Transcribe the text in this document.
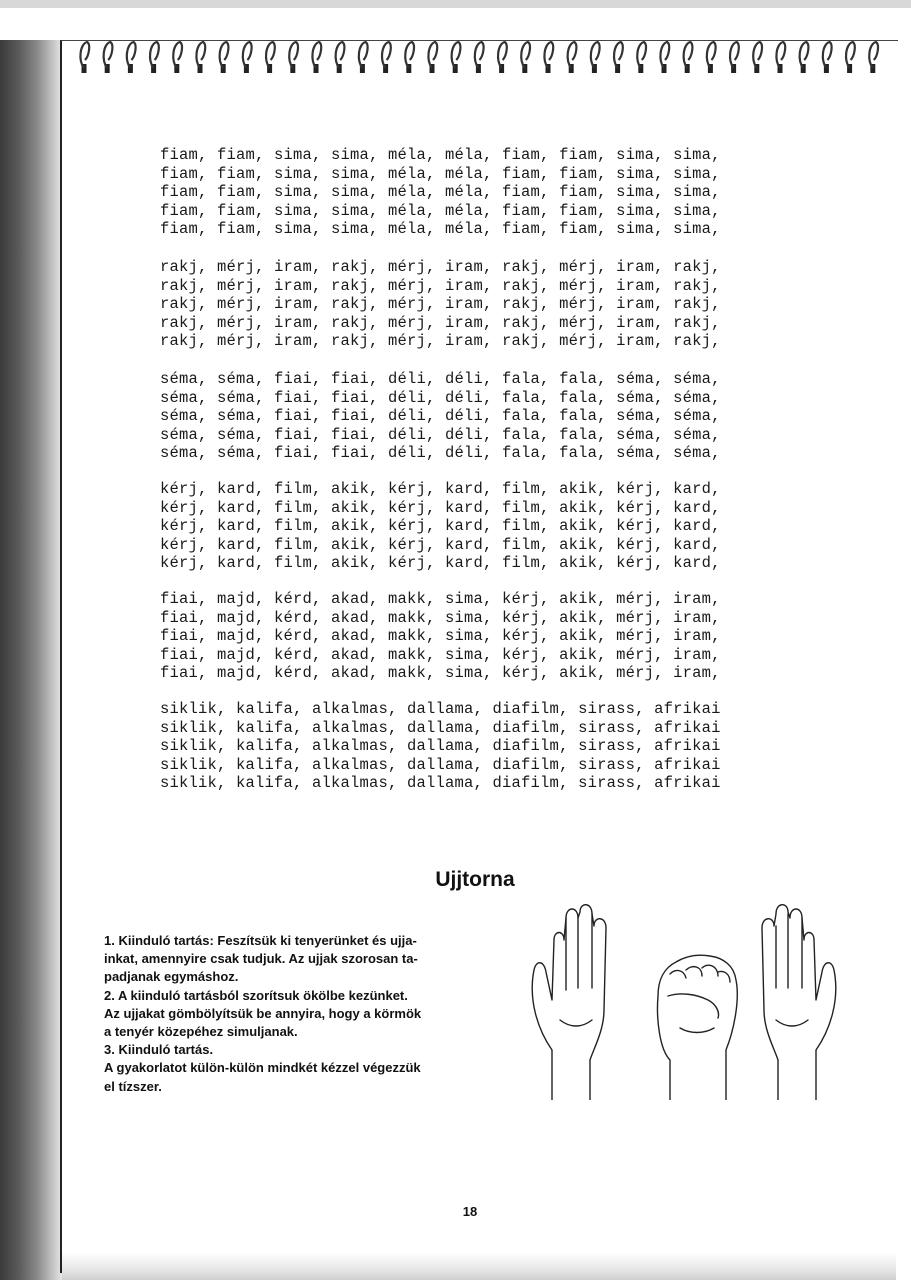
fiam, fiam, sima, sima, méla, méla, fiam, fiam, sima, sima,
fiam, fiam, sima, sima, méla, méla, fiam, fiam, sima, sima,
fiam, fiam, sima, sima, méla, méla, fiam, fiam, sima, sima,
fiam, fiam, sima, sima, méla, méla, fiam, fiam, sima, sima,
fiam, fiam, sima, sima, méla, méla, fiam, fiam, sima, sima,
rakj, mérj, iram, rakj, mérj, iram, rakj, mérj, iram, rakj,
rakj, mérj, iram, rakj, mérj, iram, rakj, mérj, iram, rakj,
rakj, mérj, iram, rakj, mérj, iram, rakj, mérj, iram, rakj,
rakj, mérj, iram, rakj, mérj, iram, rakj, mérj, iram, rakj,
rakj, mérj, iram, rakj, mérj, iram, rakj, mérj, iram, rakj,
séma, séma, fiai, fiai, déli, déli, fala, fala, séma, séma,
séma, séma, fiai, fiai, déli, déli, fala, fala, séma, séma,
séma, séma, fiai, fiai, déli, déli, fala, fala, séma, séma,
séma, séma, fiai, fiai, déli, déli, fala, fala, séma, séma,
séma, séma, fiai, fiai, déli, déli, fala, fala, séma, séma,
kérj, kard, film, akik, kérj, kard, film, akik, kérj, kard,
kérj, kard, film, akik, kérj, kard, film, akik, kérj, kard,
kérj, kard, film, akik, kérj, kard, film, akik, kérj, kard,
kérj, kard, film, akik, kérj, kard, film, akik, kérj, kard,
kérj, kard, film, akik, kérj, kard, film, akik, kérj, kard,
fiai, majd, kérd, akad, makk, sima, kérj, akik, mérj, iram,
fiai, majd, kérd, akad, makk, sima, kérj, akik, mérj, iram,
fiai, majd, kérd, akad, makk, sima, kérj, akik, mérj, iram,
fiai, majd, kérd, akad, makk, sima, kérj, akik, mérj, iram,
fiai, majd, kérd, akad, makk, sima, kérj, akik, mérj, iram,
siklik, kalifa, alkalmas, dallama, diafilm, sirass, afrikai
siklik, kalifa, alkalmas, dallama, diafilm, sirass, afrikai
siklik, kalifa, alkalmas, dallama, diafilm, sirass, afrikai
siklik, kalifa, alkalmas, dallama, diafilm, sirass, afrikai
siklik, kalifa, alkalmas, dallama, diafilm, sirass, afrikai
Ujjtorna
1. Kiinduló tartás: Feszítsük ki tenyerünket és ujja-
inkat, amennyire csak tudjuk. Az ujjak szorosan ta-
padjanak egymáshoz.
2. A kiinduló tartásból szorítsuk ökölbe kezünket.
Az ujjakat gömbölyítsük be annyira, hogy a körmök
a tenyér közepéhez simuljanak.
3. Kiinduló tartás.
A gyakorlatot külön-külön mindkét kézzel végezzük
el tízszer.
18
